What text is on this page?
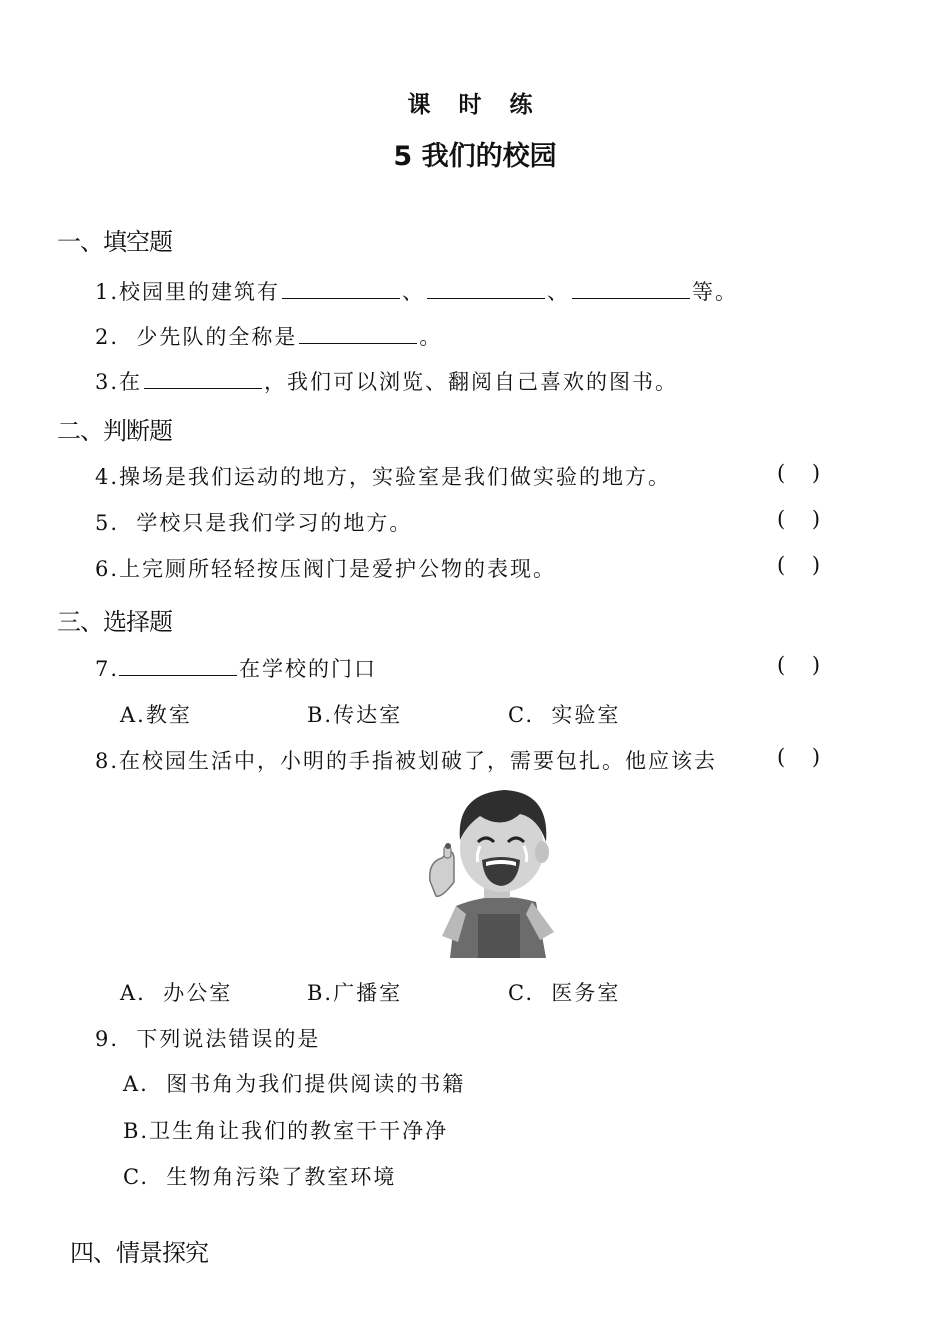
课 时 练
5 我们的校园
一、填空题
1.校园里的建筑有	、	、	等。
2.  少先队的全称是	。
3.在	，我们可以浏览、翻阅自己喜欢的图书。
二、判断题
4.操场是我们运动的地方，实验室是我们做实验的地方。	(    )
5.  学校只是我们学习的地方。	(    )
6.上完厕所轻轻按压阀门是爱护公物的表现。	(    )
三、选择题
7.	在学校的门口	(    )
A.教室	B.传达室	C.  实验室
8.在校园生活中，小明的手指被划破了，需要包扎。他应该去	(    )
A.  办公室	B.广播室	C.  医务室
9.  下列说法错误的是
A.  图书角为我们提供阅读的书籍
B.卫生角让我们的教室干干净净
C.  生物角污染了教室环境
四、情景探究
